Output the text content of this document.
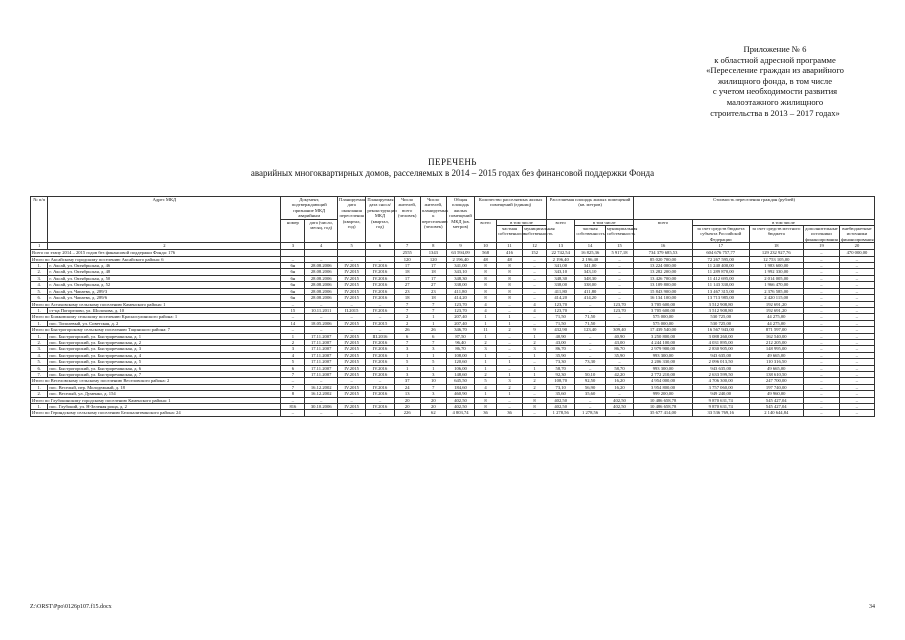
Приложение № 6
к областной адресной программе
«Переселение граждан из аварийного
жилищного фонда, в том числе
с учетом необходимости развития
малоэтажного жилищного
строительства в 2013 – 2017 годах»
ПЕРЕЧЕНЬ
аварийных многоквартирных домов, расселяемых в 2014 – 2015 годах без финансовой поддержки Фонда
№ п/п	Адрес МКД	Документ, подтверждающий признание МКД аварийным		Планируемая дата окончания переселения (квартал, год)	Планируемая дата сноса/реконструкции МКД (квартал, год)	Число жителей, всего (человек)	Число жителей, планируемых к переселению (человек)	Общая площадь жилых помещений МКД (кв. метров)	Количество расселяемых жилых помещений (единиц)			Расселяемая площадь жилых помещений (кв. метров)			Стоимость переселения граждан (рублей)				
		номер	дата (число, месяц, год)						всего	в том числе		всего	в том числе		всего	в том числе			
										частная собственность	муниципальная собственность		частная собственность	муниципальная собственность		за счет средств бюджета субъекта Российской Федерации	за счет средств местного бюджета	дополнительные источники финансирования	внебюджетные источники финансирования
1	2	3	4	5	6	7	8	9	10	11	12	13	14	15	16	17	18	19	20
Всего по этапу 2014 – 2015 годов без финансовой поддержки Фонда: 176						2555	1343	63 594,09	568	416	152	22 742,54	16 825,36	5 917,18	734 379 685,53	604 676 757,77	129 232 927,76	–	470 000,00
Итого по Аксайскому городскому поселению Аксайского района: 6		–	–	–	–	120	120	2 196,40	48	48	–	2 196,40	2 196,40	–	85 020 700,00	72 267 595,00	12 753 105,00	–	–
1.	г. Аксай, ул. Октябрьская, д. 46	6н	28.08.2006	IV.2015	IV.2016	17	17	341,00	8	8	–	341,00	341,00	–	13 224 000,00	11 240 400,00	1 983 600,00	–	–
2.	г. Аксай, ул. Октябрьская, д. 48	6н	28.08.2006	IV.2015	IV.2016	18	18	343,10	8	8	–	343,10	343,10	–	13 282 200,00	11 289 870,00	1 992 330,00	–	–
3.	г. Аксай, ул. Октябрьская, д. 50	6н	28.08.2006	IV.2015	IV.2016	17	17	348,30	8	8	–	348,30	348,30	–	13 426 700,00	11 412 695,00	2 014 005,00	–	–
4.	г. Аксай, ул. Октябрьская, д. 52	6н	28.08.2006	IV.2015	IV.2016	27	27	338,00	8	8	–	338,00	338,00	–	13 109 800,00	11 143 330,00	1 966 470,00	–	–
5.	г. Аксай, ул. Чапаева, д. 289/3	6н	28.08.2006	IV.2015	IV.2016	23	23	411,80	8	8	–	411,80	411,80	–	15 843 900,00	13 467 315,00	2 376 585,00	–	–
6.	г. Аксай, ул. Чапаева, д. 289/6	6н	28.08.2006	IV.2015	IV.2016	18	18	414,20	8	8	–	414,20	414,20	–	16 134 100,00	13 713 985,00	2 420 115,00	–	–
Итого по Астаховскому сельскому поселению Каменского района: 1		–	–	–	–	7	7	123,70	4	–	4	123,70	–	123,70	3 705 600,00	3 512 908,80	192 691,20	–	–
1.	ст-ца Погорелово, ул. Шолохова, д. 10	15	10.11.2011	II.2015	IV.2016	7	7	123,70	4	–	4	123,70	–	123,70	3 705 600,00	3 512 908,80	192 691,20	–	–
Итого по Божковскому сельскому поселению Красносулинского района: 1		–	–	–	–	2	1	207,40	1	1	–	71,50	71,50	–	575 000,00	530 725,00	44 275,00	–	–
1.	пос. Тополевый, ул. Советская, д. 2	14	18.05.2006	IV.2015	IV.2015	2	1	207,40	1	1	–	71,50	71,50	–	575 000,00	530 725,00	44 275,00	–	–
Итого по Быстрогорскому сельскому поселению Тацинского района: 7		–	–	–	–	26	26	346,70	11	2	9	432,90	123,40	309,40	17 439 540,00	16 567 943,00	871 597,00	–	–
1.	пос. Быстрогорский, ул. Быстроречинская, д. 1	1	17.11.2007	IV.2015	III.2016	6	6	87,50	1	–	1	40,90	–	40,90	3 250 800,00	3 088 260,00	162 540,00	–	–
2.	пос. Быстрогорский, ул. Быстроречинская, д. 2	2	17.11.2007	IV.2015	IV.2016	7	7	96,40	2	–	2	43,00	–	43,00	4 244 100,00	4 031 895,00	212 205,00	–	–
3.	пос. Быстрогорский, ул. Быстроречинская, д. 3	3	17.11.2007	IV.2015	IV.2016	3	3	86,70	3	–	3	86,70	–	86,70	2 979 900,00	2 830 905,00	148 995,00	–	–
4.	пос. Быстрогорский, ул. Быстроречинская, д. 4	4	17.11.2007	IV.2015	IV.2016	1	1	108,00	1	–	1	35,90	–	35,90	993 300,00	943 635,00	49 665,00	–	–
5.	пос. Быстрогорский, ул. Быстроречинская, д. 5	5	17.11.2007	IV.2015	IV.2016	5	5	120,60	1	1	–	73,30	73,30	–	2 206 330,00	2 096 013,50	110 316,50	–	–
6.	пос. Быстрогорский, ул. Быстроречинская, д. 6	6	17.11.2007	IV.2015	IV.2016	1	1	106,00	1	–	1	58,70	–	58,70	993 300,00	943 635,00	49 665,00	–	–
7.	пос. Быстрогорский, ул. Быстроречинская, д. 7	7	17.11.2007	IV.2015	IV.2016	3	3	148,60	2	1	1	92,30	50,10	42,20	2 772 210,00	2 633 599,50	138 610,50	–	–
Итого по Веселовскому сельскому поселению Веселовского района: 2		–	–	–	–	37	10	645,50	5	3	2	108,70	92,50	16,20	4 954 000,00	4 706 300,00	247 700,00	–	–
1.	пос. Веселый, пер. Молодежный, д. 18	7	16.12.2002	IV.2015	IV.2016	24	7	184,60	4	2	2	73,10	56,90	16,20	3 954 800,00	3 757 060,00	197 740,00	–	–
2.	пос. Веселый, ул. Думенко, д. 154	8	16.12.2002	IV.2015	IV.2016	13	3	460,90	1	1	–	35,60	35,60	–	999 200,00	949 240,00	49 960,00	–	–
Итого по Глубокинскому городскому поселению Каменского района: 1		–	–	–	–	20	20	402,50	8	–	8	402,50	–	402,50	10 486 658,78	9 870 631,74	545 427,04	–	–
1.	пос. Глубокий, ул. Н-Зеленая роща, д. 2	816	30.10.2006	IV.2015	IV.2016	20	20	402,50	8	–	8	402,50	–	402,50	10 486 658,78	9 870 631,74	545 427,04	–	–
Итого по Гериндскому сельскому поселению Белокалитвинского района: 24		–	–	–	–	226	62	4 803,74	36	36	–	1 278,56	1 278,56	–	35 677 414,00	33 536 769,16	2 140 644,84	–	–
Z:\ORST\Ppo\0126p107.f15.docx	34
